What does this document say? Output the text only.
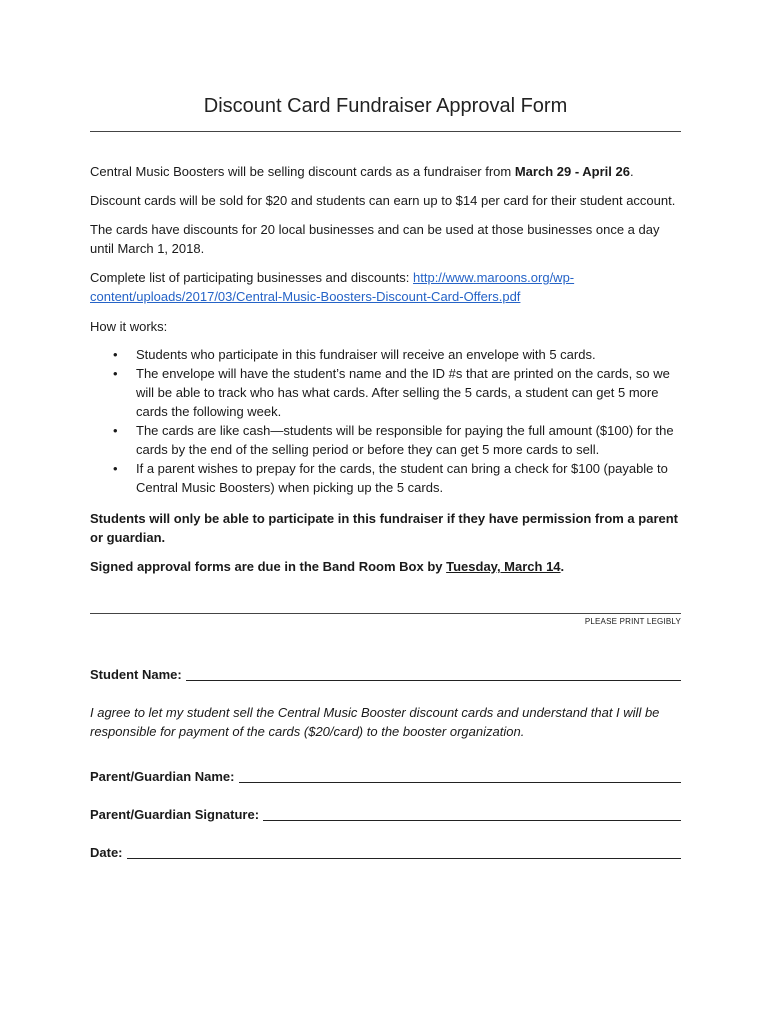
Discount Card Fundraiser Approval Form

Central Music Boosters will be selling discount cards as a fundraiser from March 29 - April 26.

Discount cards will be sold for $20 and students can earn up to $14 per card for their student account.

The cards have discounts for 20 local businesses and can be used at those businesses once a day until March 1, 2018.

Complete list of participating businesses and discounts: http://www.maroons.org/wp-content/uploads/2017/03/Central-Music-Boosters-Discount-Card-Offers.pdf

How it works:

• Students who participate in this fundraiser will receive an envelope with 5 cards.
• The envelope will have the student’s name and the ID #s that are printed on the cards, so we will be able to track who has what cards. After selling the 5 cards, a student can get 5 more cards the following week.
• The cards are like cash—students will be responsible for paying the full amount ($100) for the cards by the end of the selling period or before they can get 5 more cards to sell.
• If a parent wishes to prepay for the cards, the student can bring a check for $100 (payable to Central Music Boosters) when picking up the 5 cards.

Students will only be able to participate in this fundraiser if they have permission from a parent or guardian.

Signed approval forms are due in the Band Room Box by Tuesday, March 14.

PLEASE PRINT LEGIBLY
Student Name:

I agree to let my student sell the Central Music Booster discount cards and understand that I will be responsible for payment of the cards ($20/card) to the booster organization.

Parent/Guardian Name:
Parent/Guardian Signature:
Date:
